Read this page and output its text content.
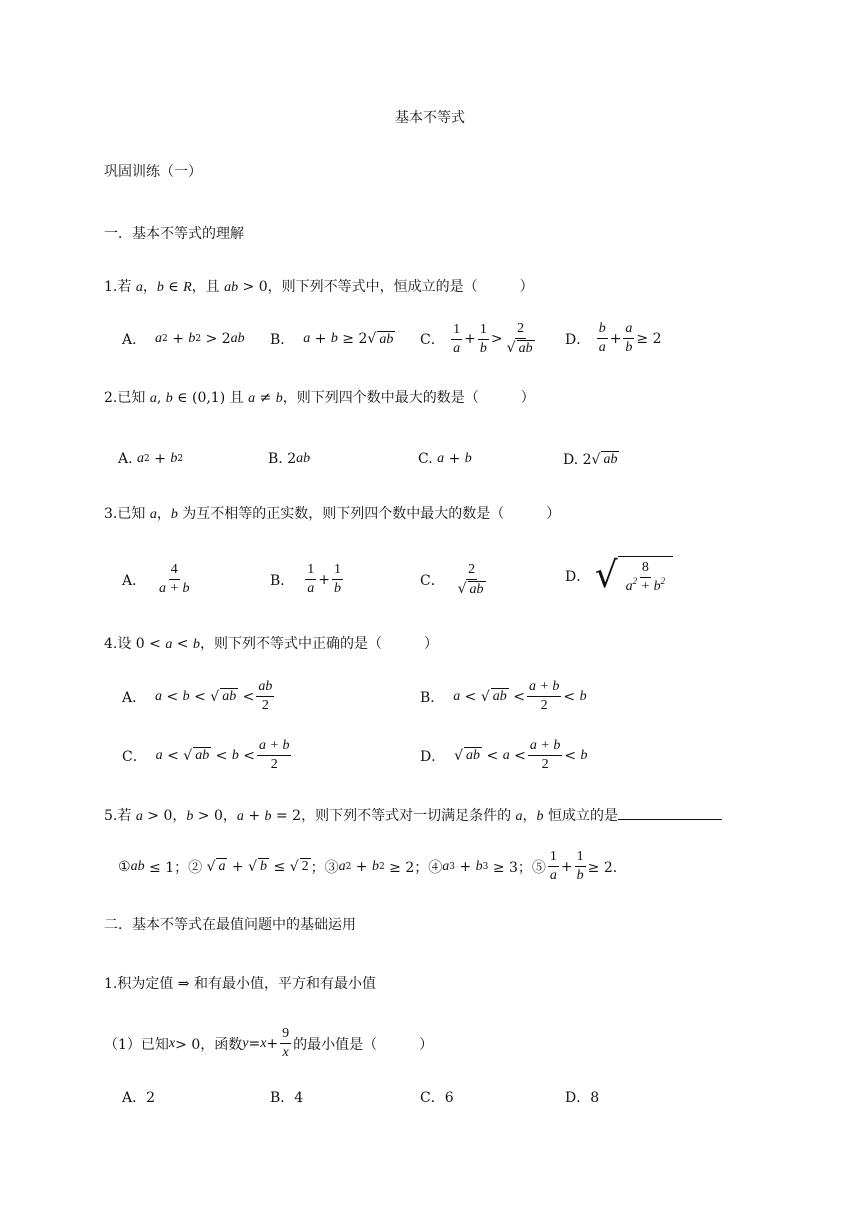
基本不等式
巩固训练（一）
一．基本不等式的理解
1.若 a，b ∈ R，且 ab > 0，则下列不等式中，恒成立的是（　　　）
A． a 2 + b 2 > 2 ab B． a + b ≥ 2 √ ab C． $\frac{1}{a} + \frac{1}{b} > \frac{2}{√ ab}$ D． $\frac{b}{a} + \frac{a}{b} \ge 2$
2.已知 a, b ∈ (0,1) 且 a ≠ b，则下列四个数中最大的数是（　　　）
A. a 2 + b 2	B. 2 ab	C. a + b	D. 2 √ ab
3.已知 a，b 为互不相等的正实数，则下列四个数中最大的数是（　　　）
A． $\frac{4}{a + b}$	B． $\frac{1}{a} + \frac{1}{b}$	C． $\frac{2}{√ ab}$	D． √ $\frac{8}{a^2 + b^2}$
4.设 0 < a < b，则下列不等式中正确的是（　　　）
A． a < b < √ ab < $\frac{ab}{2}$	B． a < √ ab < $\frac{a + b}{2} < b$
C． a < √ ab < $b < \frac{a + b}{2}$	D． √ ab < $a < \frac{a + b}{2} < b$
5.若 a > 0，b > 0，a + b = 2，则下列不等式对一切满足条件的 a，b 恒成立的是
① ab ≤ 1；② √ a + √ b ≤ √ 2 ；③ a 2 + b 2 ≥ 2；④ a 3 + b 3 ≥ 3；⑤ $\frac{1}{a} + \frac{1}{b} \ge 2$．
二．基本不等式在最值问题中的基础运用
1.积为定值 ⇒ 和有最小值，平方和有最小值
（1）已知 x > 0，函数 $y = x + \frac{9}{x}$ 的最小值是（　　　）
A．2	B．4	C．6	D．8
